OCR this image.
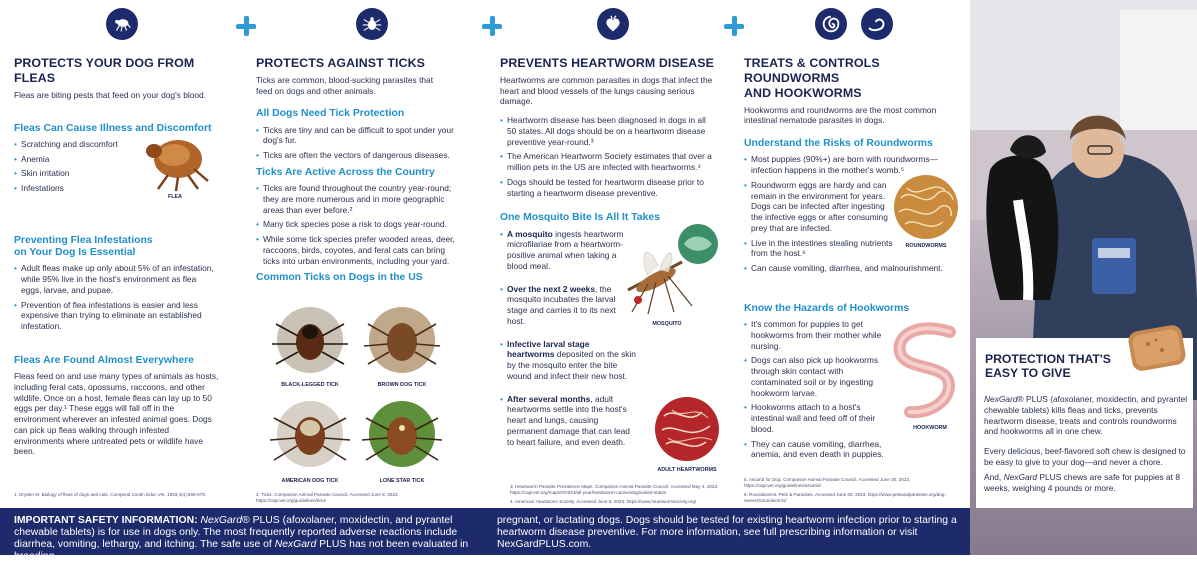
PROTECTS YOUR DOG FROM FLEAS

Fleas are biting pests that feed on your dog's blood.

Fleas Can Cause Illness and Discomfort
• Scratching and discomfort
• Anemia
• Skin irritation
• Infestations
Preventing Flea Infestations
on Your Dog Is Essential
• Adult fleas make up only about 5% of an infestation, while 95% live in the host's environment as flea eggs, larvae, and pupae.
• Prevention of flea infestations is easier and less expensive than trying to eliminate an established infestation.
Fleas Are Found Almost Everywhere

Fleas feed on and use many types of animals as hosts, including feral cats, opossums, raccoons, and other wildlife. Once on a host, female fleas can lay up to 50 eggs per day.¹ These eggs will fall off in the environment wherever an infested animal goes. Dogs can pick up fleas walking through infested environments where untreated pets or wildlife have been.

FLEA
1. Dryden M. Biology of fleas of dogs and cats. Compend Contin Educ Vet. 1993;4(4):569-579.
PROTECTS AGAINST TICKS

Ticks are common, blood-sucking parasites that feed on dogs and other animals.

All Dogs Need Tick Protection
• Ticks are tiny and can be difficult to spot under your dog's fur.
• Ticks are often the vectors of dangerous diseases.
Ticks Are Active Across the Country
• Ticks are found throughout the country year-round; they are more numerous and in more geographic areas than ever before.²
• Many tick species pose a risk to dogs year-round.
• While some tick species prefer wooded areas, deer, raccoons, birds, coyotes, and feral cats can bring ticks into urban environments, including your yard.
Common Ticks on Dogs in the US
BLACK-LEGGED TICK	BROWN DOG TICK
AMERICAN DOG TICK	LONE STAR TICK
2. Ticks. Companion Animal Parasite Council. Accessed June 8, 2023. https://capcvet.org/guidelines/ticks
PREVENTS HEARTWORM DISEASE

Heartworms are common parasites in dogs that infect the heart and blood vessels of the lungs causing serious damage.

• Heartworm disease has been diagnosed in dogs in all 50 states. All dogs should be on a heartworm disease preventive year-round.³
• The American Heartworm Society estimates that over a million pets in the US are infected with heartworms.⁴
• Dogs should be tested for heartworm disease prior to starting a heartworm disease preventive.
One Mosquito Bite Is All It Takes
• A mosquito ingests heartworm microfilariae from a heartworm-positive animal when taking a blood meal.
• Over the next 2 weeks, the mosquito incubates the larval stage and carries it to its next host.
• Infective larval stage heartworms deposited on the skin by the mosquito enter the bite wound and infect their new host.
• After several months, adult heartworms settle into the host's heart and lungs, causing permanent damage that can lead to heart failure, and even death.
MOSQUITO
ADULT HEARTWORMS
3. Heartworm Parasite Prevalence Maps. Companion Animal Parasite Council. Accessed May 4, 2023. https://capcvet.org/maps/#/2023/all-year/heartworm-canine/dog/united-states
4. American Heartworm Society. Accessed June 5, 2023. https://www.heartwormsociety.org/
TREATS & CONTROLS ROUNDWORMS
AND HOOKWORMS

Hookworms and roundworms are the most common intestinal nematode parasites in dogs.

Understand the Risks of Roundworms
• Most puppies (90%+) are born with roundworms—infection happens in the mother's womb.⁵
• Roundworm eggs are hardy and can remain in the environment for years. Dogs can be infected after ingesting the infective eggs or after consuming prey that are infected.
• Live in the intestines stealing nutrients from the host.⁶
• Can cause vomiting, diarrhea, and malnourishment.
Know the Hazards of Hookworms
• It's common for puppies to get hookworms from their mother while nursing.
• Dogs can also pick up hookworms through skin contact with contaminated soil or by ingesting hookworm larvae.
• Hookworms attach to a host's intestinal wall and feed off of their blood.
• They can cause vomiting, diarrhea, anemia, and even death in puppies.
ROUNDWORMS
HOOKWORM
5. Ascarid for Dog. Companion Animal Parasite Council. Accessed June 30, 2023. https://capcvet.org/guidelines/ascarid/
6. Roundworms. Pets & Parasites. Accessed June 30, 2023. https://www.petsandparasites.org/dog-owners/roundworms/
PROTECTION THAT'S
EASY TO GIVE

NexGard® PLUS (afoxolaner, moxidectin, and pyrantel chewable tablets) kills fleas and ticks, prevents heartworm disease, treats and controls roundworms and hookworms all in one chew.

Every delicious, beef-flavored soft chew is designed to be easy to give to your dog—and never a chore.

And, NexGard PLUS chews are safe for puppies at 8 weeks, weighing 4 pounds or more.

IMPORTANT SAFETY INFORMATION: NexGard® PLUS (afoxolaner, moxidectin, and pyrantel chewable tablets) is for use in dogs only. The most frequently reported adverse reactions include diarrhea, vomiting, lethargy, and itching. The safe use of NexGard PLUS has not been evaluated in breeding,
pregnant, or lactating dogs. Dogs should be tested for existing heartworm infection prior to starting a heartworm disease preventive. For more information, see full prescribing information or visit NexGardPLUS.com.
